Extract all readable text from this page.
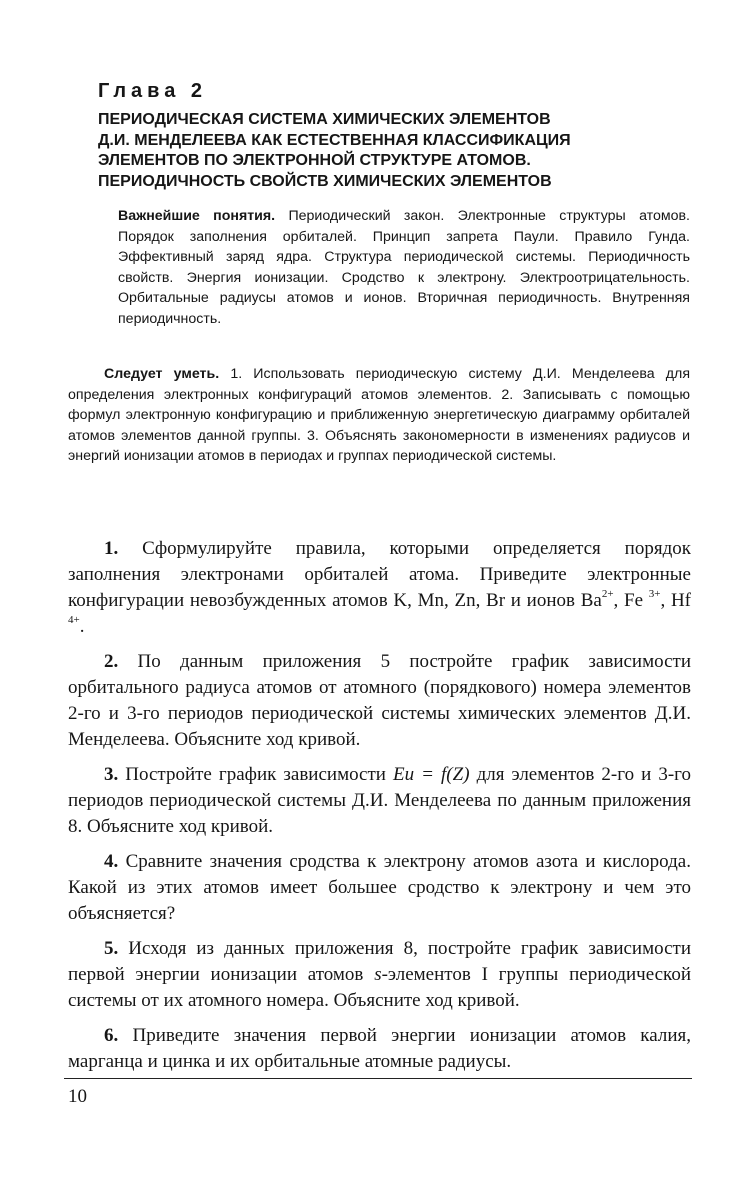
Глава 2
ПЕРИОДИЧЕСКАЯ СИСТЕМА ХИМИЧЕСКИХ ЭЛЕМЕНТОВ
Д.И. МЕНДЕЛЕЕВА КАК ЕСТЕСТВЕННАЯ КЛАССИФИКАЦИЯ
ЭЛЕМЕНТОВ ПО ЭЛЕКТРОННОЙ СТРУКТУРЕ АТОМОВ.
ПЕРИОДИЧНОСТЬ СВОЙСТВ ХИМИЧЕСКИХ ЭЛЕМЕНТОВ
Важнейшие понятия. Периодический закон. Электронные структуры атомов. Порядок заполнения орбиталей. Принцип запрета Паули. Правило Гунда. Эффективный заряд ядра. Структура периодической системы. Периодичность свойств. Энергия ионизации. Сродство к электрону. Электроотрицательность. Орбитальные радиусы атомов и ионов. Вторичная периодичность. Внутренняя периодичность.
Следует уметь. 1. Использовать периодическую систему Д.И. Менделеева для определения электронных конфигураций атомов элементов. 2. Записывать с помощью формул электронную конфигурацию и приближенную энергетическую диаграмму орбиталей атомов элементов данной группы. 3. Объяснять закономерности в изменениях радиусов и энергий ионизации атомов в периодах и группах периодической системы.

1. Сформулируйте правила, которыми определяется порядок заполнения электронами орбиталей атома. Приведите электронные конфигурации невозбужденных атомов K, Mn, Zn, Br и ионов $Ba^{2+}$, Fe $^{3+}$, Hf $^{4+}$.

2. По данным приложения 5 постройте график зависимости орбитального радиуса атомов от атомного (порядкового) номера элементов 2-го и 3-го периодов периодической системы химических элементов Д.И. Менделеева. Объясните ход кривой.

3. Постройте график зависимости Eи = f(Z) для элементов 2-го и 3-го периодов периодической системы Д.И. Менделеева по данным приложения 8. Объясните ход кривой.

4. Сравните значения сродства к электрону атомов азота и кислорода. Какой из этих атомов имеет большее сродство к электрону и чем это объясняется?

5. Исходя из данных приложения 8, постройте график зависимости первой энергии ионизации атомов s-элементов I группы периодической системы от их атомного номера. Объясните ход кривой.

6. Приведите значения первой энергии ионизации атомов калия, марганца и цинка и их орбитальные атомные радиусы.

10
